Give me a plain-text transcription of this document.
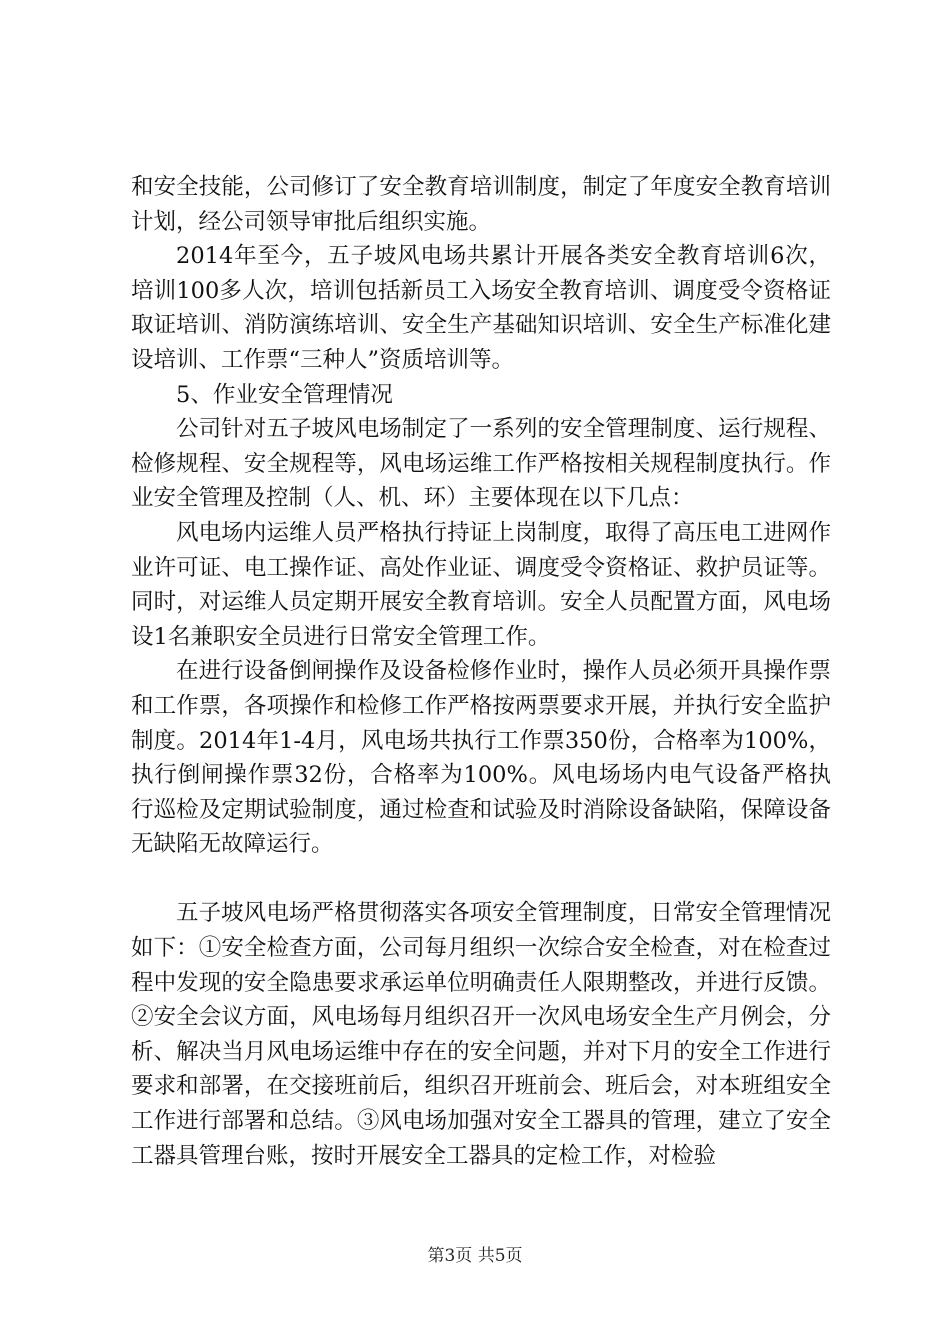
和安全技能，公司修订了安全教育培训制度，制定了年度安全教育培训计划，经公司领导审批后组织实施。

2014年至今，五子坡风电场共累计开展各类安全教育培训6次，培训100多人次，培训包括新员工入场安全教育培训、调度受令资格证取证培训、消防演练培训、安全生产基础知识培训、安全生产标准化建设培训、工作票“三种人”资质培训等。

5、作业安全管理情况

公司针对五子坡风电场制定了一系列的安全管理制度、运行规程、检修规程、安全规程等，风电场运维工作严格按相关规程制度执行。作业安全管理及控制（人、机、环）主要体现在以下几点：

风电场内运维人员严格执行持证上岗制度，取得了高压电工进网作业许可证、电工操作证、高处作业证、调度受令资格证、救护员证等。同时，对运维人员定期开展安全教育培训。安全人员配置方面，风电场设1名兼职安全员进行日常安全管理工作。

在进行设备倒闸操作及设备检修作业时，操作人员必须开具操作票和工作票，各项操作和检修工作严格按两票要求开展，并执行安全监护制度。2014年1-4月，风电场共执行工作票350份，合格率为100%，执行倒闸操作票32份，合格率为100%。风电场场内电气设备严格执行巡检及定期试验制度，通过检查和试验及时消除设备缺陷，保障设备无缺陷无故障运行。

五子坡风电场严格贯彻落实各项安全管理制度，日常安全管理情况如下：①安全检查方面，公司每月组织一次综合安全检查，对在检查过程中发现的安全隐患要求承运单位明确责任人限期整改，并进行反馈。②安全会议方面，风电场每月组织召开一次风电场安全生产月例会，分析、解决当月风电场运维中存在的安全问题，并对下月的安全工作进行要求和部署，在交接班前后，组织召开班前会、班后会，对本班组安全工作进行部署和总结。③风电场加强对安全工器具的管理，建立了安全工器具管理台账，按时开展安全工器具的定检工作，对检验

第3页 共5页
